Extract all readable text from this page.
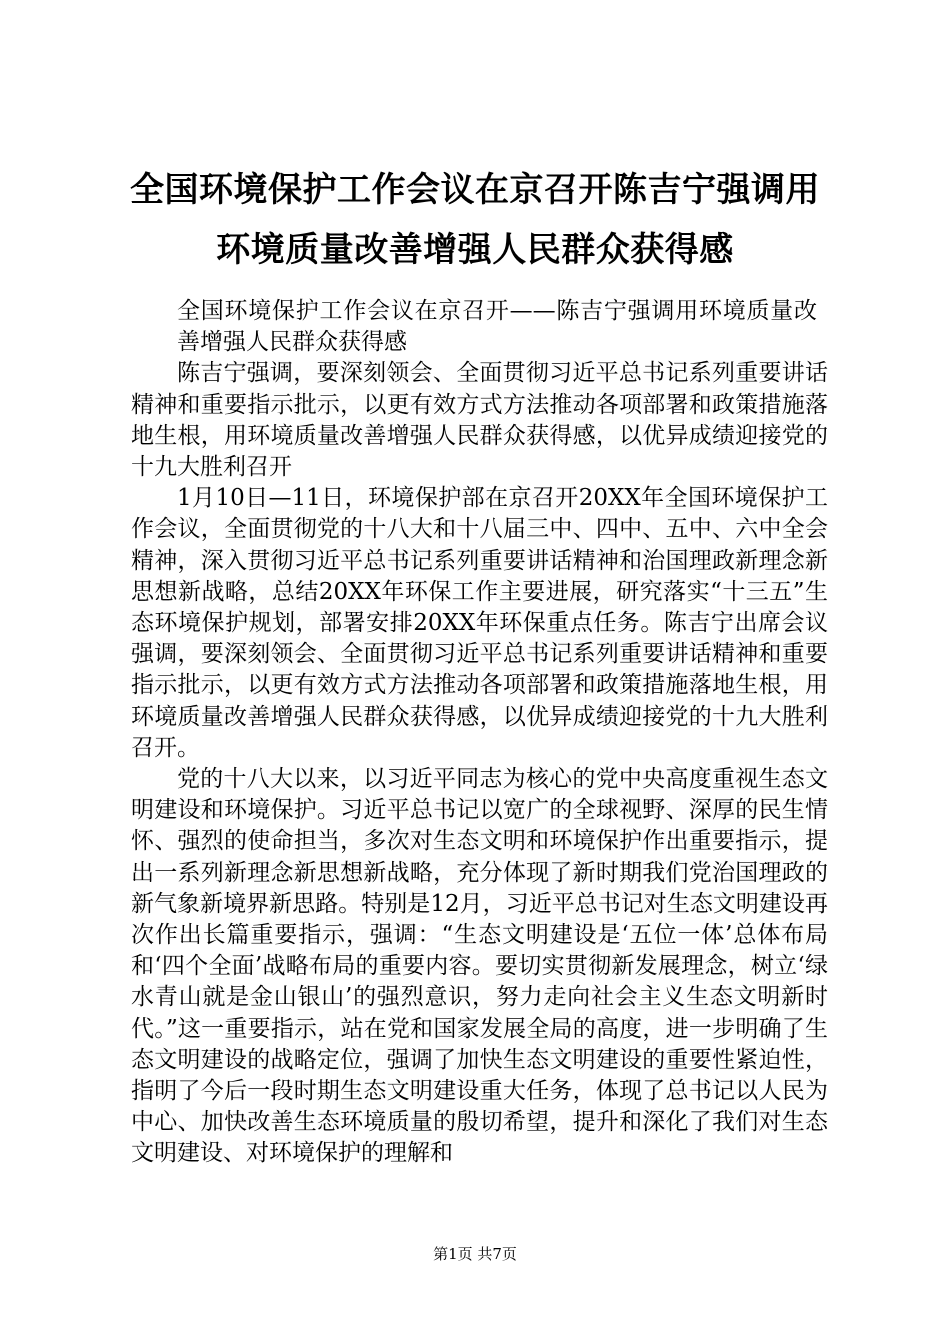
全国环境保护工作会议在京召开陈吉宁强调用
环境质量改善增强人民群众获得感

全国环境保护工作会议在京召开——陈吉宁强调用环境质量改善增强人民群众获得感

陈吉宁强调，要深刻领会、全面贯彻习近平总书记系列重要讲话精神和重要指示批示，以更有效方式方法推动各项部署和政策措施落地生根，用环境质量改善增强人民群众获得感，以优异成绩迎接党的十九大胜利召开

1月10日—11日，环境保护部在京召开20XX年全国环境保护工作会议，全面贯彻党的十八大和十八届三中、四中、五中、六中全会精神，深入贯彻习近平总书记系列重要讲话精神和治国理政新理念新思想新战略，总结20XX年环保工作主要进展，研究落实“十三五”生态环境保护规划，部署安排20XX年环保重点任务。陈吉宁出席会议强调，要深刻领会、全面贯彻习近平总书记系列重要讲话精神和重要指示批示，以更有效方式方法推动各项部署和政策措施落地生根，用环境质量改善增强人民群众获得感，以优异成绩迎接党的十九大胜利召开。

党的十八大以来，以习近平同志为核心的党中央高度重视生态文明建设和环境保护。习近平总书记以宽广的全球视野、深厚的民生情怀、强烈的使命担当，多次对生态文明和环境保护作出重要指示，提出一系列新理念新思想新战略，充分体现了新时期我们党治国理政的新气象新境界新思路。特别是12月，习近平总书记对生态文明建设再次作出长篇重要指示，强调：“生态文明建设是‘五位一体’总体布局和‘四个全面’战略布局的重要内容。要切实贯彻新发展理念，树立‘绿水青山就是金山银山’的强烈意识，努力走向社会主义生态文明新时代。”这一重要指示，站在党和国家发展全局的高度，进一步明确了生态文明建设的战略定位，强调了加快生态文明建设的重要性紧迫性，指明了今后一段时期生态文明建设重大任务，体现了总书记以人民为中心、加快改善生态环境质量的殷切希望，提升和深化了我们对生态文明建设、对环境保护的理解和

第1页 共7页
